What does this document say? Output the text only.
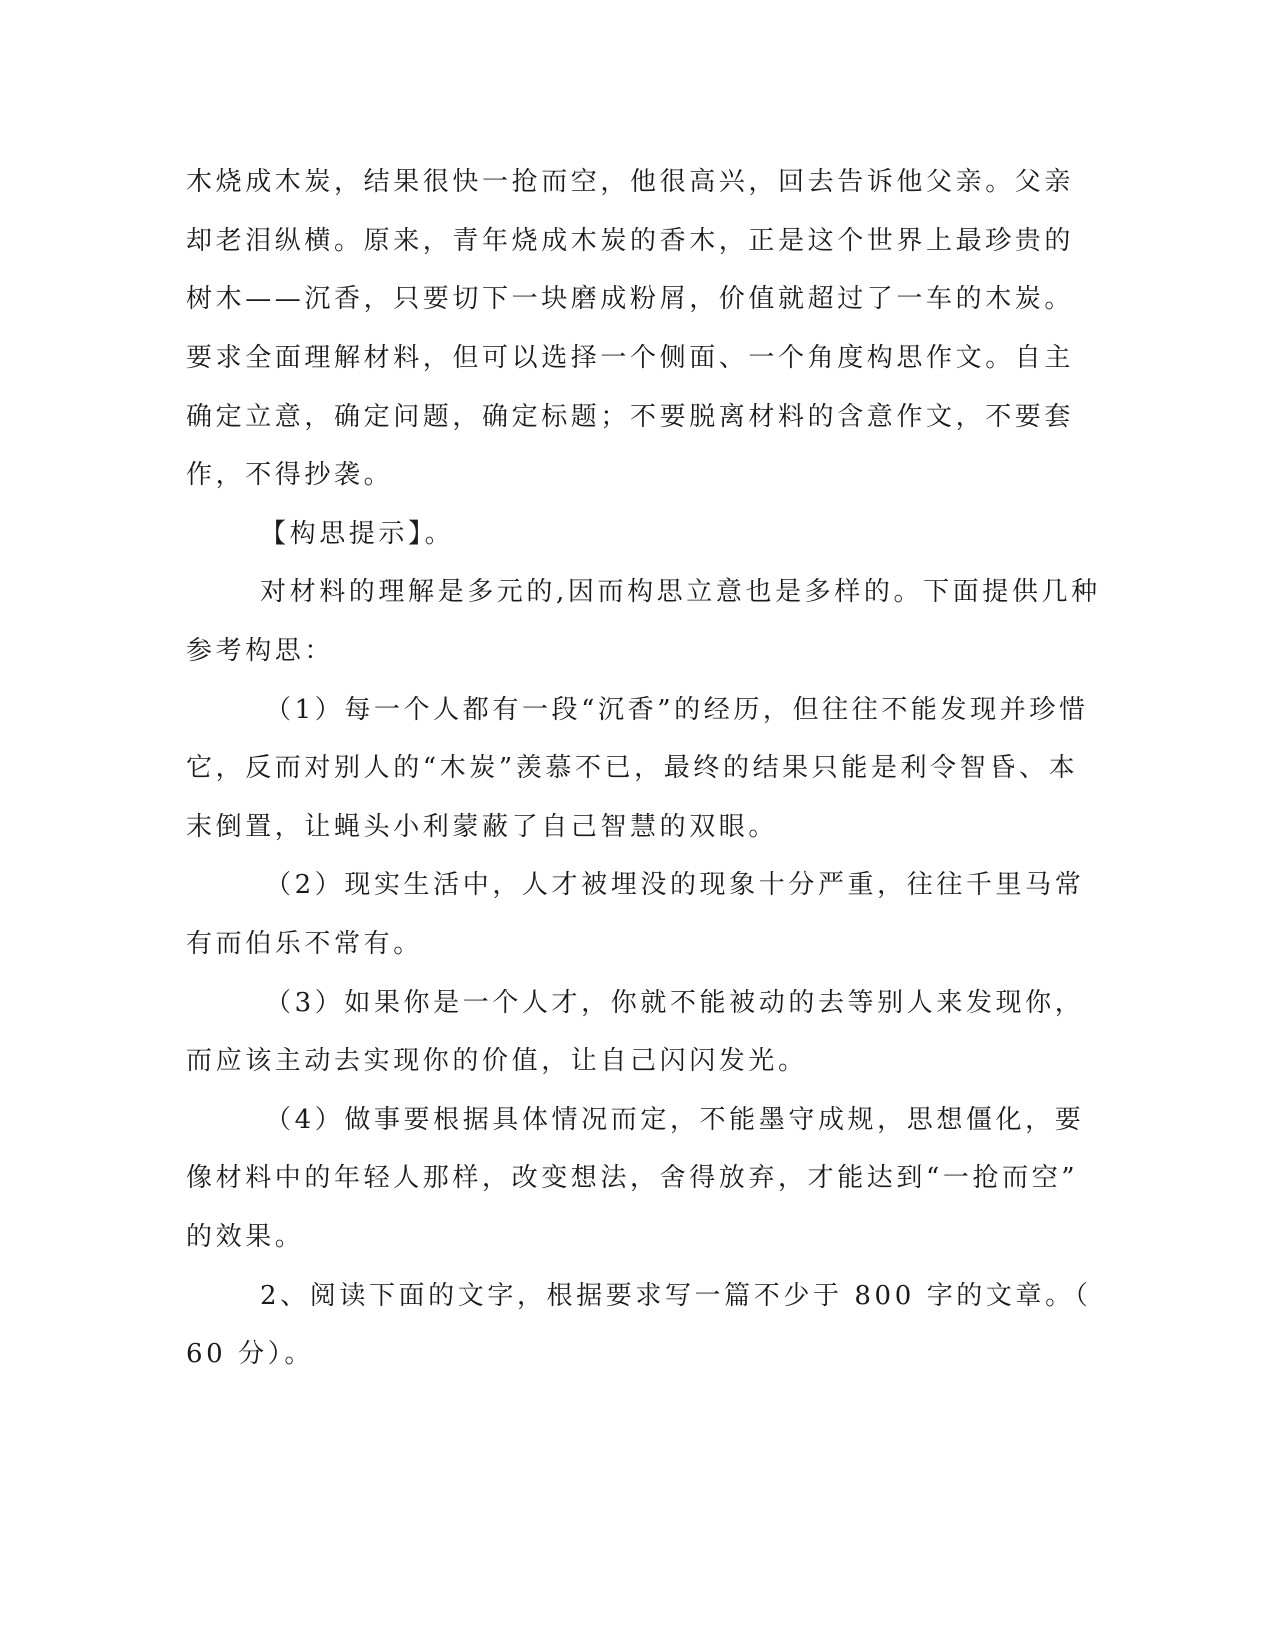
木烧成木炭，结果很快一抢而空，他很高兴，回去告诉他父亲。父亲
却老泪纵横。原来，青年烧成木炭的香木，正是这个世界上最珍贵的
树木——沉香，只要切下一块磨成粉屑，价值就超过了一车的木炭。
要求全面理解材料，但可以选择一个侧面、一个角度构思作文。自主
确定立意，确定问题，确定标题；不要脱离材料的含意作文，不要套
作，不得抄袭。
【构思提示】。
对材料的理解是多元的,因而构思立意也是多样的。下面提供几种
参考构思：
（1）每一个人都有一段“沉香”的经历，但往往不能发现并珍惜
它，反而对别人的“木炭”羡慕不已，最终的结果只能是利令智昏、本
末倒置，让蝇头小利蒙蔽了自己智慧的双眼。
（2）现实生活中，人才被埋没的现象十分严重，往往千里马常
有而伯乐不常有。
（3）如果你是一个人才，你就不能被动的去等别人来发现你，
而应该主动去实现你的价值，让自己闪闪发光。
（4）做事要根据具体情况而定，不能墨守成规，思想僵化，要
像材料中的年轻人那样，改变想法，舍得放弃，才能达到“一抢而空”
的效果。
2、阅读下面的文字，根据要求写一篇不少于 800 字的文章。（
60 分）。
